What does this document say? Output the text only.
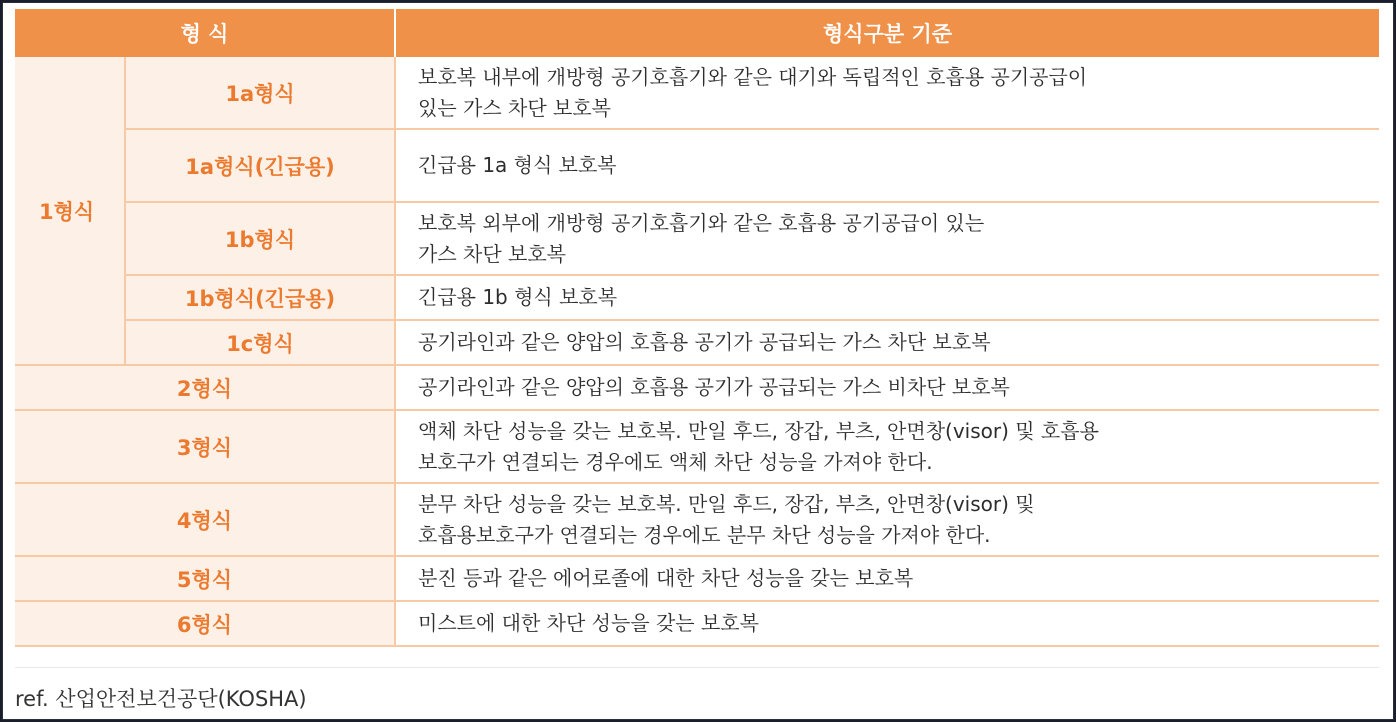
형 식		형식구분 기준
1형식	1a형식	보호복 내부에 개방형 공기호흡기와 같은 대기와 독립적인 호흡용 공기공급이
있는 가스 차단 보호복

	1a형식(긴급용)	긴급용 1a 형식 보호복

	1b형식	보호복 외부에 개방형 공기호흡기와 같은 호흡용 공기공급이 있는
가스 차단 보호복

	1b형식(긴급용)	긴급용 1b 형식 보호복

	1c형식	공기라인과 같은 양압의 호흡용 공기가 공급되는 가스 차단 보호복

2형식		공기라인과 같은 양압의 호흡용 공기가 공급되는 가스 비차단 보호복

3형식		액체 차단 성능을 갖는 보호복. 만일 후드, 장갑, 부츠, 안면창(visor) 및 호흡용
보호구가 연결되는 경우에도 액체 차단 성능을 가져야 한다.

4형식		분무 차단 성능을 갖는 보호복. 만일 후드, 장갑, 부츠, 안면창(visor) 및
호흡용보호구가 연결되는 경우에도 분무 차단 성능을 가져야 한다.

5형식		분진 등과 같은 에어로졸에 대한 차단 성능을 갖는 보호복

6형식		미스트에 대한 차단 성능을 갖는 보호복
ref. 산업안전보건공단(KOSHA)
